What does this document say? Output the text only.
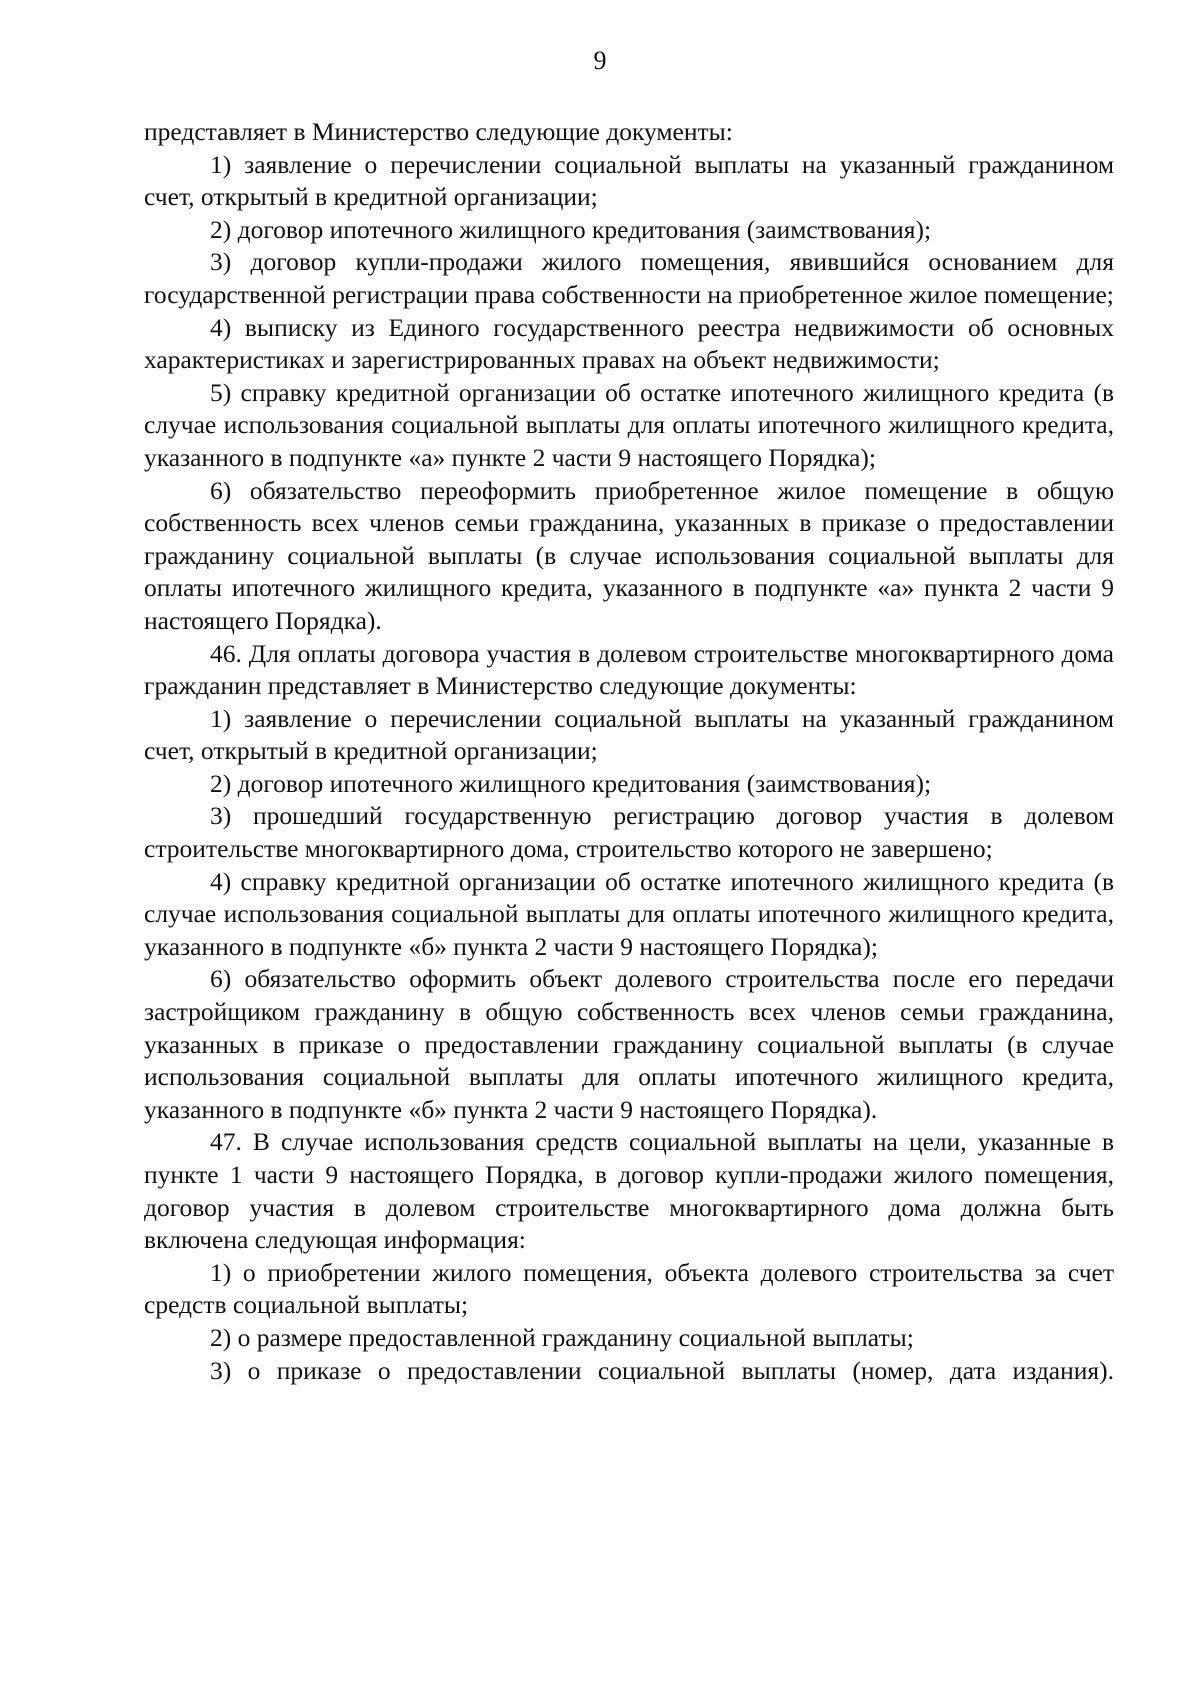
9

представляет в Министерство следующие документы:

1) заявление о перечислении социальной выплаты на указанный гражданином счет, открытый в кредитной организации;

2) договор ипотечного жилищного кредитования (заимствования);

3) договор купли-продажи жилого помещения, явившийся основанием для государственной регистрации права собственности на приобретенное жилое помещение;

4) выписку из Единого государственного реестра недвижимости об основных характеристиках и зарегистрированных правах на объект недвижимости;

5) справку кредитной организации об остатке ипотечного жилищного кредита (в случае использования социальной выплаты для оплаты ипотечного жилищного кредита, указанного в подпункте «а» пункте 2 части 9 настоящего Порядка);

6) обязательство переоформить приобретенное жилое помещение в общую собственность всех членов семьи гражданина, указанных в приказе о предоставлении гражданину социальной выплаты (в случае использования социальной выплаты для оплаты ипотечного жилищного кредита, указанного в подпункте «а» пункта 2 части 9 настоящего Порядка).

46. Для оплаты договора участия в долевом строительстве многоквартирного дома гражданин представляет в Министерство следующие документы:

1) заявление о перечислении социальной выплаты на указанный гражданином счет, открытый в кредитной организации;

2) договор ипотечного жилищного кредитования (заимствования);

3) прошедший государственную регистрацию договор участия в долевом строительстве многоквартирного дома, строительство которого не завершено;

4) справку кредитной организации об остатке ипотечного жилищного кредита (в случае использования социальной выплаты для оплаты ипотечного жилищного кредита, указанного в подпункте «б» пункта 2 части 9 настоящего Порядка);

6) обязательство оформить объект долевого строительства после его передачи застройщиком гражданину в общую собственность всех членов семьи гражданина, указанных в приказе о предоставлении гражданину социальной выплаты (в случае использования социальной выплаты для оплаты ипотечного жилищного кредита, указанного в подпункте «б» пункта 2 части 9 настоящего Порядка).

47. В случае использования средств социальной выплаты на цели, указанные в пункте 1 части 9 настоящего Порядка, в договор купли-продажи жилого помещения, договор участия в долевом строительстве многоквартирного дома должна быть включена следующая информация:

1) о приобретении жилого помещения, объекта долевого строительства за счет средств социальной выплаты;

2) о размере предоставленной гражданину социальной выплаты;

3) о приказе о предоставлении социальной выплаты (номер, дата издания).
